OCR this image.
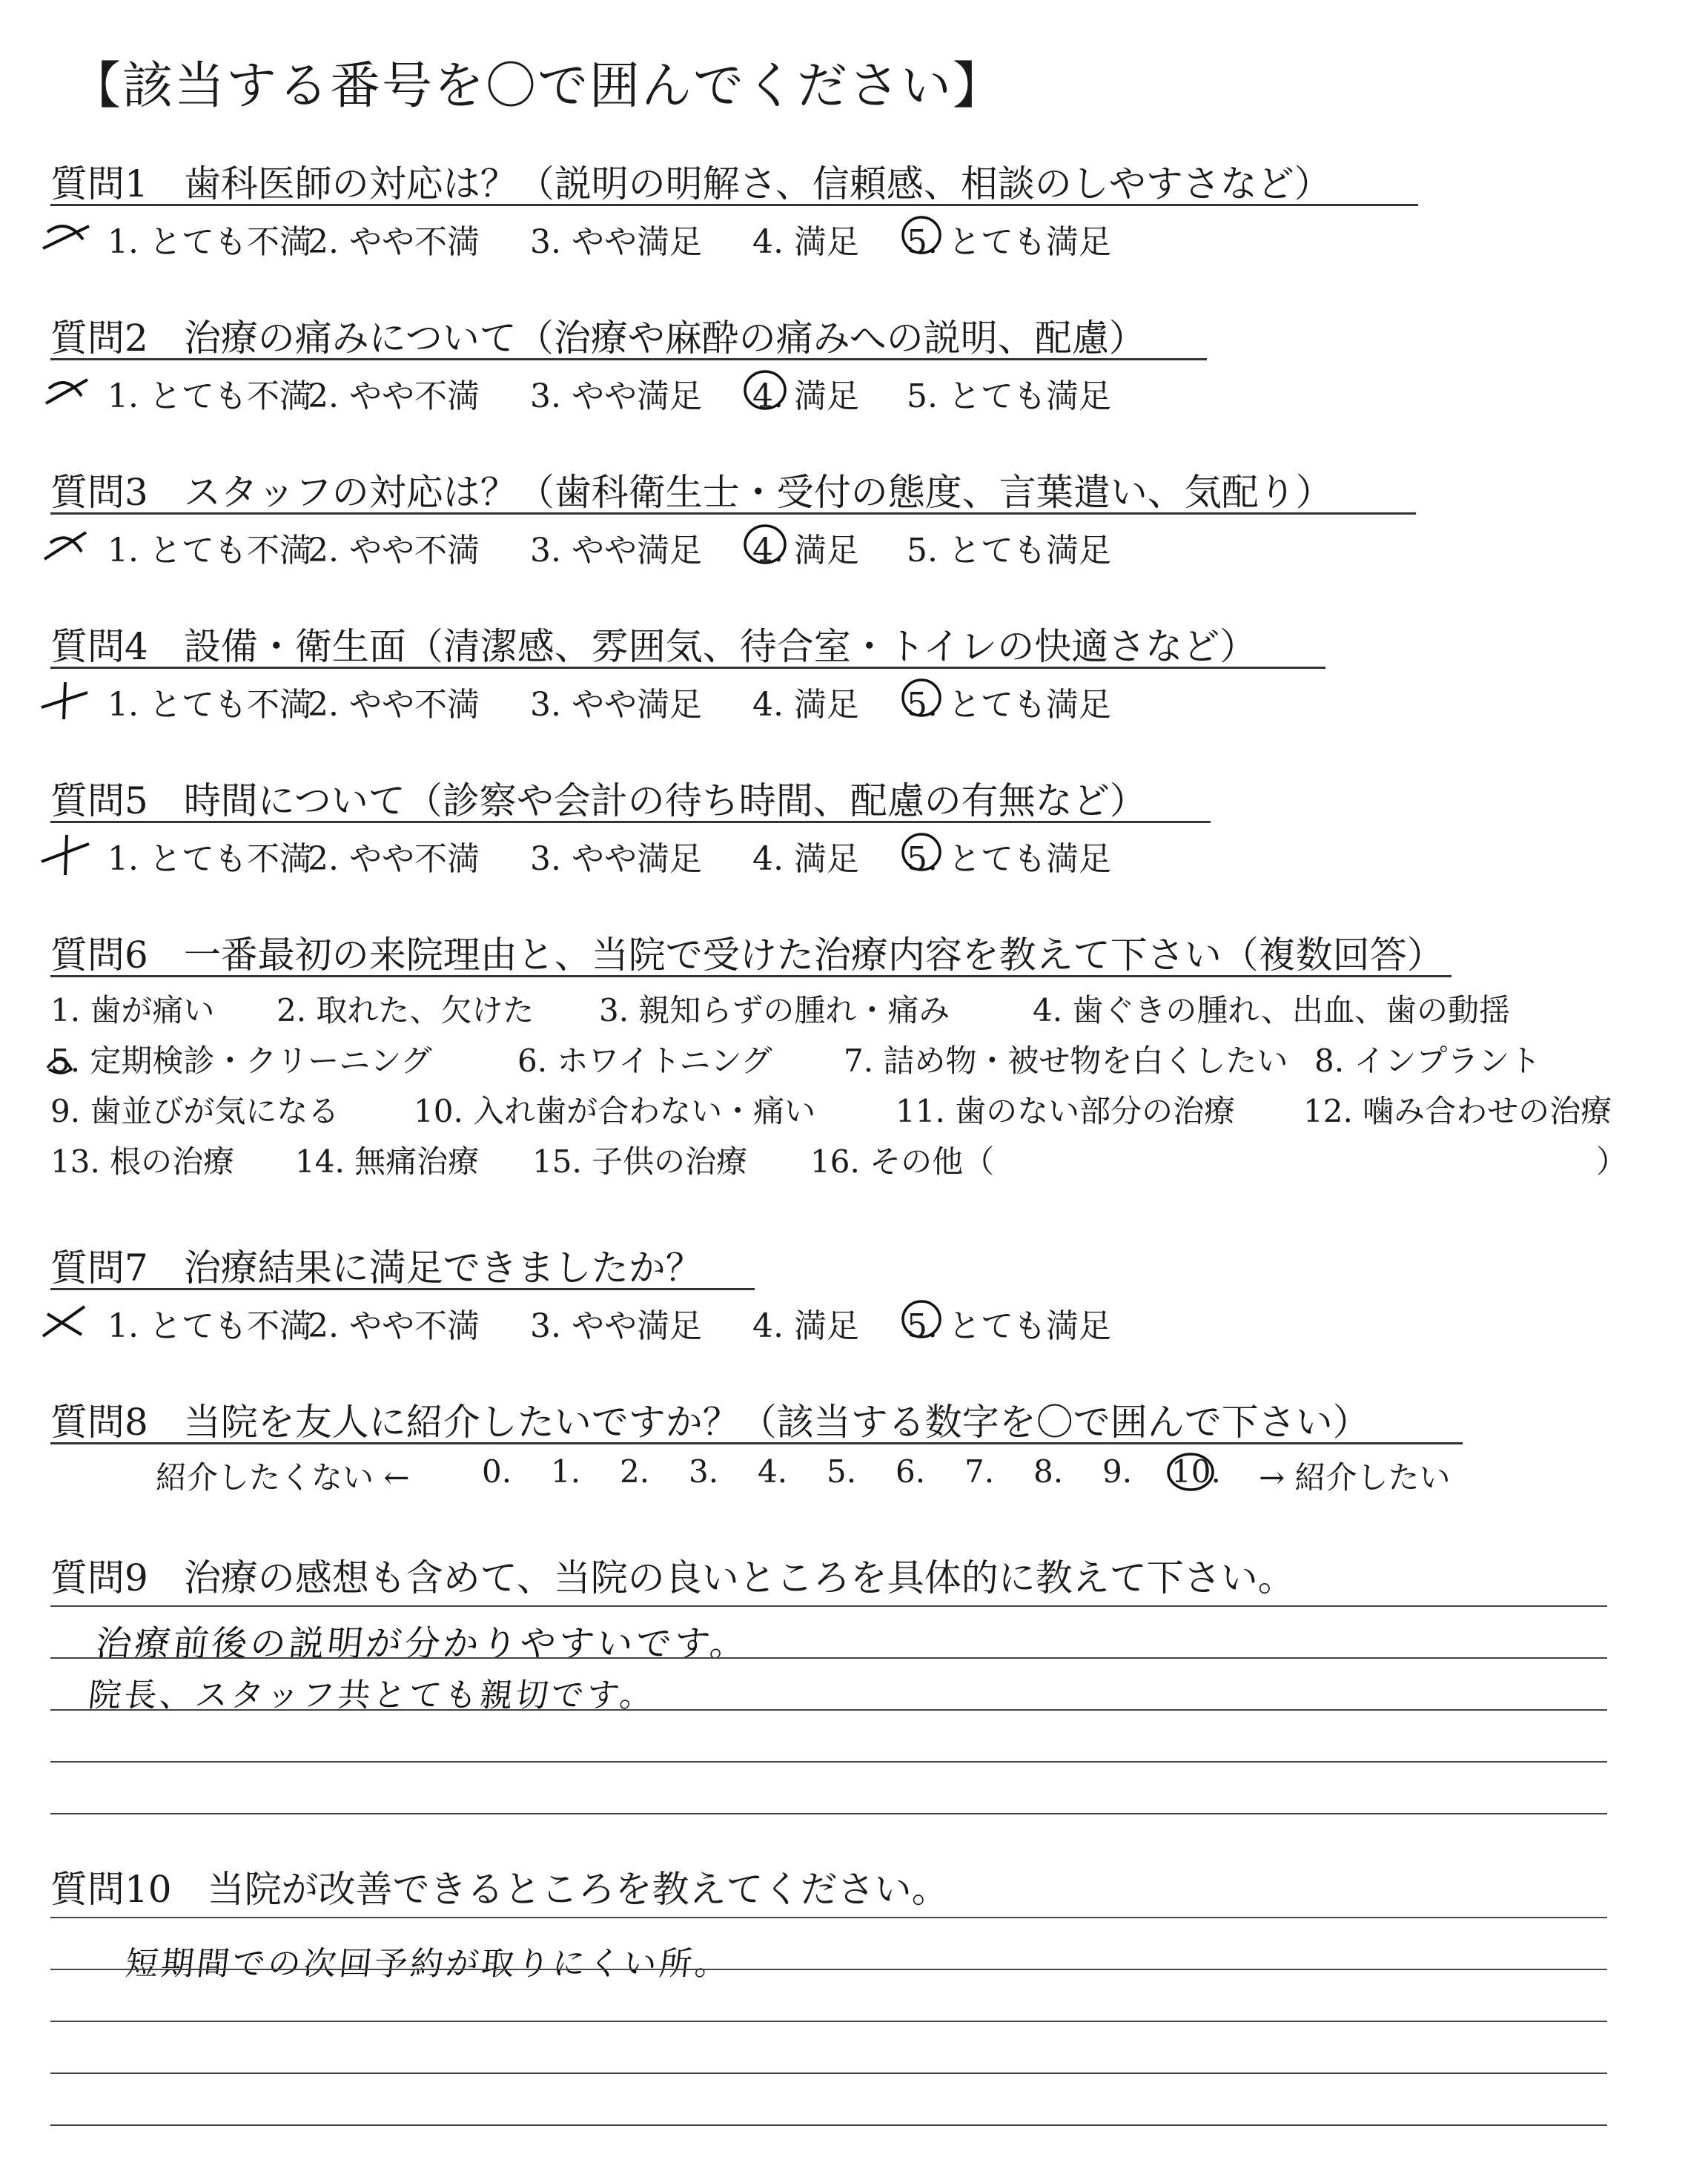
【該当する番号を〇で囲んでください】
質問1 歯科医師の対応は？（説明の明解さ、信頼感、相談のしやすさなど）
1. とても不満
2. やや不満 3. やや満足 4. 満足 5. とても満足
質問2 治療の痛みについて（治療や麻酔の痛みへの説明、配慮）
1. とても不満
2. やや不満 3. やや満足 4. 満足 5. とても満足
質問3 スタッフの対応は？（歯科衛生士・受付の態度、言葉遣い、気配り）
1. とても不満
2. やや不満 3. やや満足 4. 満足 5. とても満足
質問4 設備・衛生面（清潔感、雰囲気、待合室・トイレの快適さなど）
1. とても不満
2. やや不満 3. やや満足 4. 満足 5. とても満足
質問5 時間について（診察や会計の待ち時間、配慮の有無など）
1. とても不満
2. やや不満 3. やや満足 4. 満足 5. とても満足
質問6 一番最初の来院理由と、当院で受けた治療内容を教えて下さい（複数回答）
1. 歯が痛い 2. 取れた、欠けた 3. 親知らずの腫れ・痛み	4. 歯ぐきの腫れ、出血、歯の動揺
5. 定期検診・クリーニング	6. ホワイトニング 7. 詰め物・被せ物を白くしたい 8. インプラント
9. 歯並びが気になる 10. 入れ歯が合わない・痛い	11. 歯のない部分の治療 12. 噛み合わせの治療
13. 根の治療 14. 無痛治療 15. 子供の治療 16. その他（	）
質問7 治療結果に満足できましたか？
1. とても不満
2. やや不満 3. やや満足 4. 満足 5. とても満足
質問8 当院を友人に紹介したいですか？（該当する数字を〇で囲んで下さい）
紹介したくない ← 0. 1. 2. 3. 4. 5. 6. 7. 8. 9. 10. → 紹介したい
質問9 治療の感想も含めて、当院の良いところを具体的に教えて下さい。
治療前後の説明が分かりやすいです。
院長、スタッフ共とても親切です。
質問10 当院が改善できるところを教えてください。
短期間での次回予約が取りにくい所。
